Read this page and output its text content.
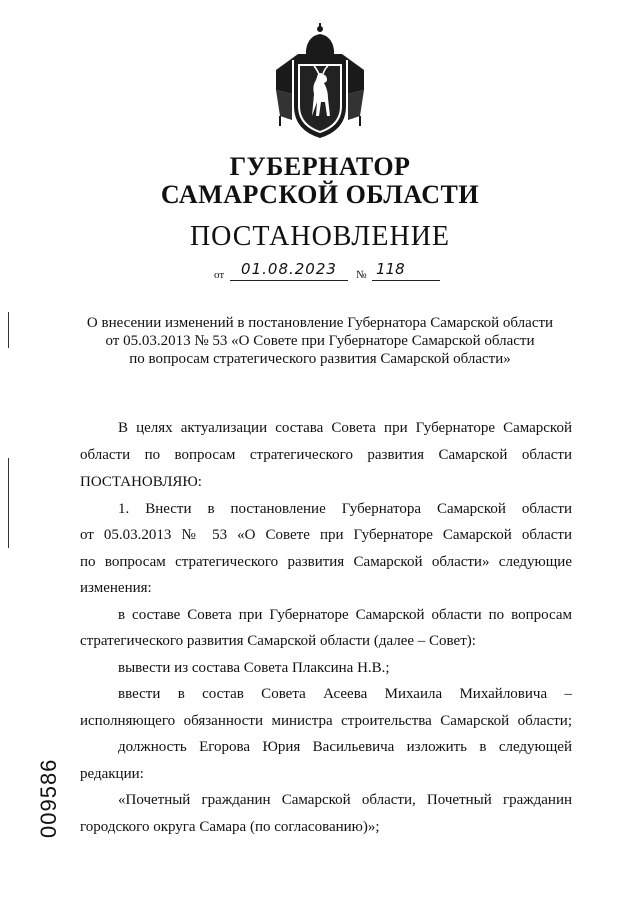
ГУБЕРНАТОР
САМАРСКОЙ ОБЛАСТИ
ПОСТАНОВЛЕНИЕ
от	01.08.2023	№ 118
О внесении изменений в постановление Губернатора Самарской области
от 05.03.2013 № 53 «О Совете при Губернаторе Самарской области
по вопросам стратегического развития Самарской области»
В целях актуализации состава Совета при Губернаторе Самарской
области по вопросам стратегического развития Самарской области
ПОСТАНОВЛЯЮ:
1. Внести в постановление Губернатора Самарской области
от 05.03.2013 № 53 «О Совете при Губернаторе Самарской области
по вопросам стратегического развития Самарской области» следующие
изменения:
в составе Совета при Губернаторе Самарской области по вопросам
стратегического развития Самарской области (далее – Совет):
вывести из состава Совета Плаксина Н.В.;
ввести в состав Совета Асеева Михаила Михайловича –
исполняющего обязанности министра строительства Самарской области;
должность Егорова Юрия Васильевича изложить в следующей
редакции:
«Почетный гражданин Самарской области, Почетный гражданин
городского округа Самара (по согласованию)»;
009586
